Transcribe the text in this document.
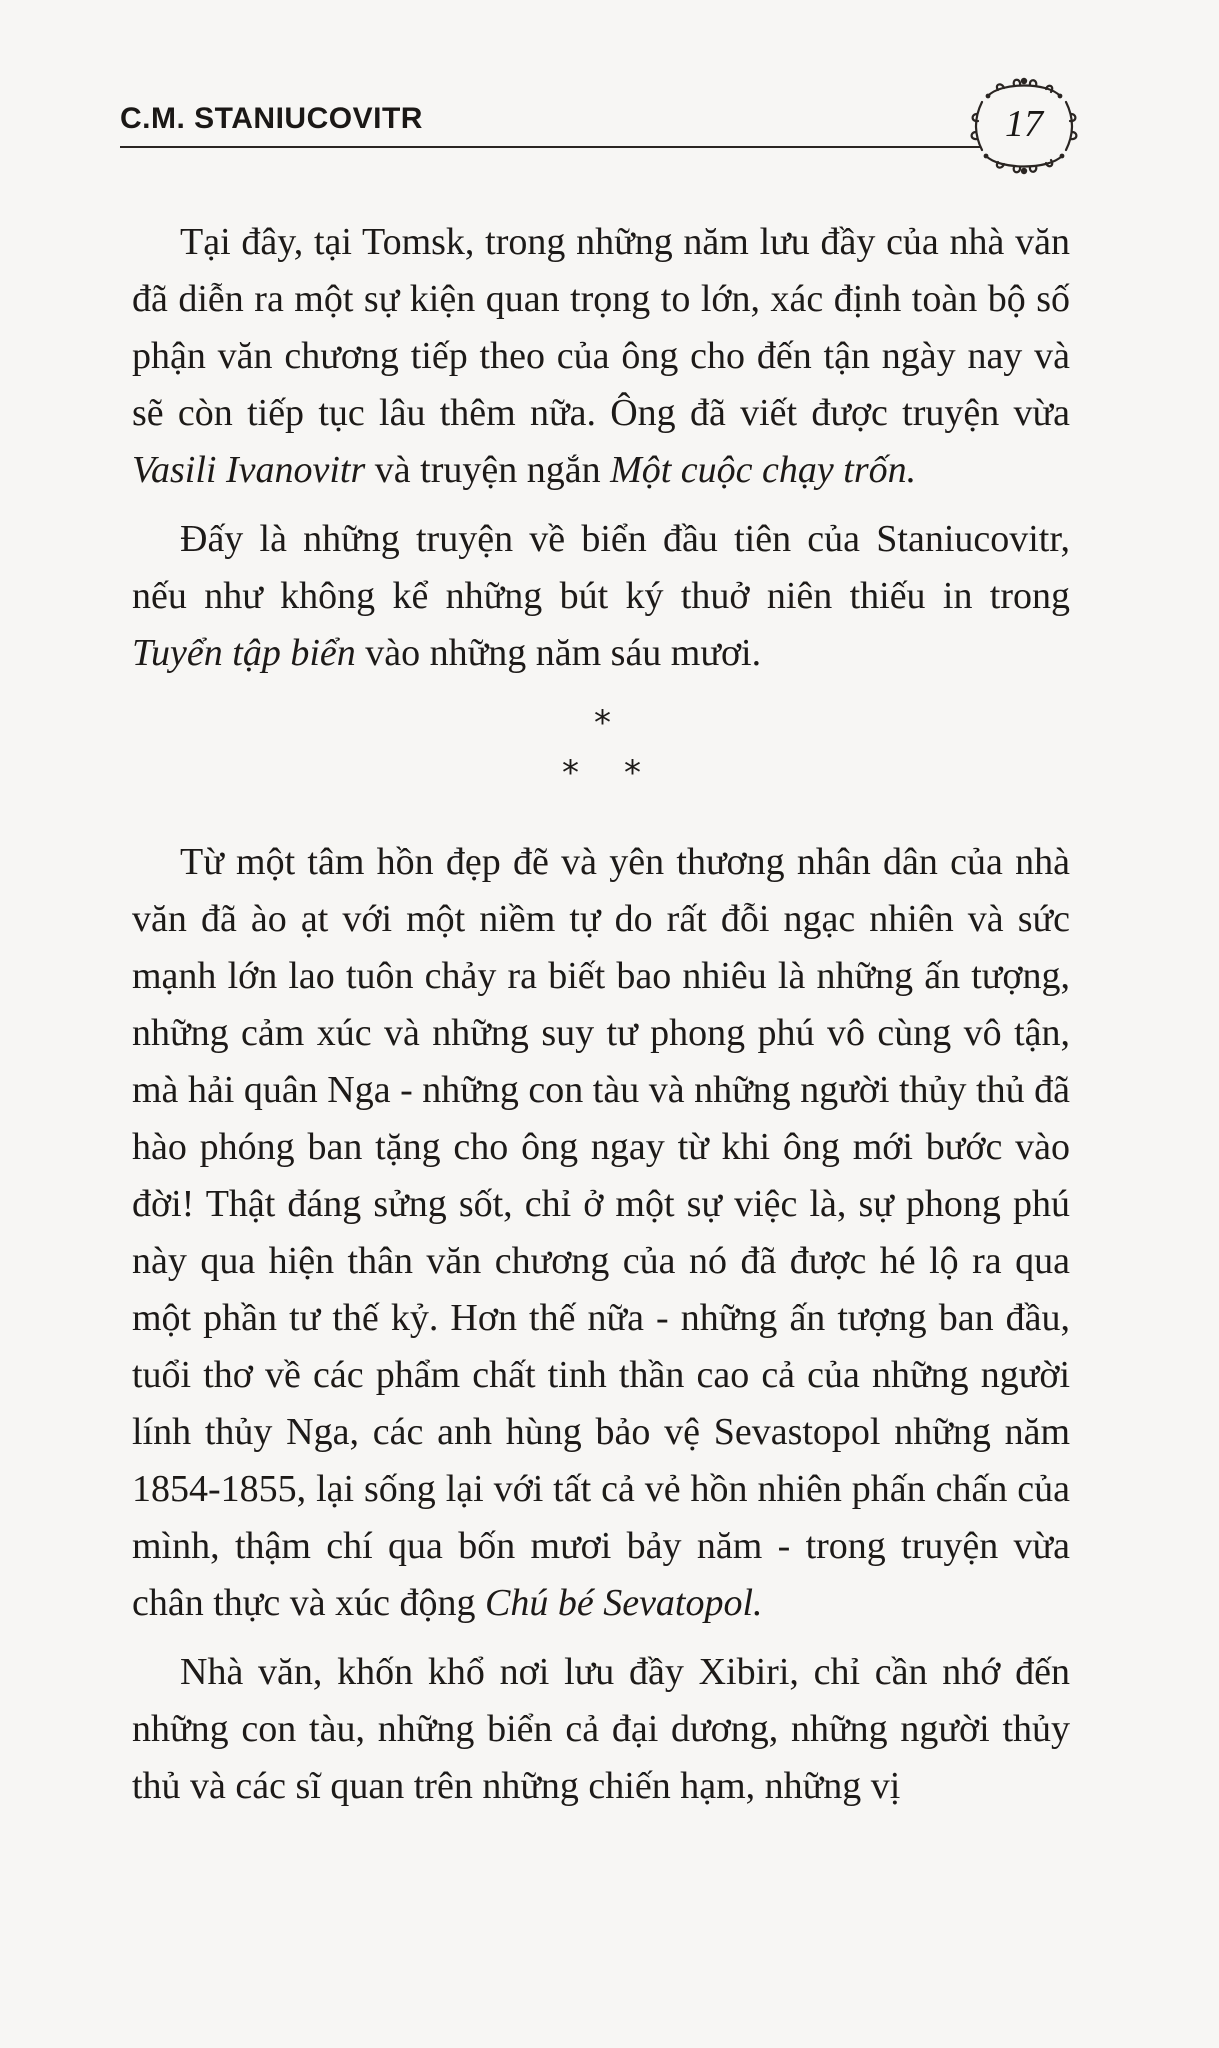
C.M. STANIUCOVITR	17

Tại đây, tại Tomsk, trong những năm lưu đầy của nhà văn đã diễn ra một sự kiện quan trọng to lớn, xác định toàn bộ số phận văn chương tiếp theo của ông cho đến tận ngày nay và sẽ còn tiếp tục lâu thêm nữa. Ông đã viết được truyện vừa Vasili Ivanovitr và truyện ngắn Một cuộc chạy trốn.

Đấy là những truyện về biển đầu tiên của Staniucovitr, nếu như không kể những bút ký thuở niên thiếu in trong Tuyển tập biển vào những năm sáu mươi.

*
* *

Từ một tâm hồn đẹp đẽ và yên thương nhân dân của nhà văn đã ào ạt với một niềm tự do rất đỗi ngạc nhiên và sức mạnh lớn lao tuôn chảy ra biết bao nhiêu là những ấn tượng, những cảm xúc và những suy tư phong phú vô cùng vô tận, mà hải quân Nga - những con tàu và những người thủy thủ đã hào phóng ban tặng cho ông ngay từ khi ông mới bước vào đời! Thật đáng sửng sốt, chỉ ở một sự việc là, sự phong phú này qua hiện thân văn chương của nó đã được hé lộ ra qua một phần tư thế kỷ. Hơn thế nữa - những ấn tượng ban đầu, tuổi thơ về các phẩm chất tinh thần cao cả của những người lính thủy Nga, các anh hùng bảo vệ Sevastopol những năm 1854-1855, lại sống lại với tất cả vẻ hồn nhiên phấn chấn của mình, thậm chí qua bốn mươi bảy năm - trong truyện vừa chân thực và xúc động Chú bé Sevatopol.

Nhà văn, khốn khổ nơi lưu đầy Xibiri, chỉ cần nhớ đến những con tàu, những biển cả đại dương, những người thủy thủ và các sĩ quan trên những chiến hạm, những vị
